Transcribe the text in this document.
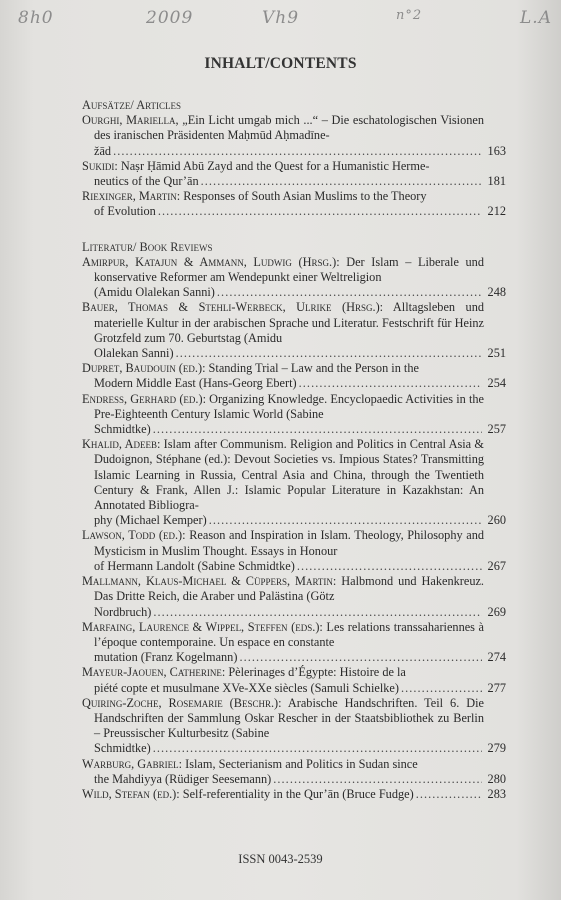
8h0	2009	Vh9	n°2	L.A
INHALT/CONTENTS
Aufsätze/ Articles
Ourghi, Mariella, „Ein Licht umgab mich ...“ – Die eschatologischen Visionen des iranischen Präsidenten Maḥmūd Aḥmadīne-
žād . . .	163
Sukidi: Naṣr Ḥāmid Abū Zayd and the Quest for a Humanistic Herme-
neutics of the Qur’ān . . .	181
Riexinger, Martin: Responses of South Asian Muslims to the Theory
of Evolution . . .	212
Literatur/ Book Reviews
Amirpur, Katajun & Ammann, Ludwig (Hrsg.): Der Islam – Liberale und konservative Reformer am Wendepunkt einer Weltreligion
(Amidu Olalekan Sanni) . . .	248
Bauer, Thomas & Stehli-Werbeck, Ulrike (Hrsg.): Alltagsleben und materielle Kultur in der arabischen Sprache und Literatur. Festschrift für Heinz Grotzfeld zum 70. Geburtstag (Amidu
Olalekan Sanni) . . .	251
Dupret, Baudouin (ed.): Standing Trial – Law and the Person in the
Modern Middle East (Hans-Georg Ebert) . . .	254
Endress, Gerhard (ed.): Organizing Knowledge. Encyclopaedic Activities in the Pre-Eighteenth Century Islamic World (Sabine
Schmidtke) . . .	257
Khalid, Adeeb: Islam after Communism. Religion and Politics in Central Asia & Dudoignon, Stéphane (ed.): Devout Societies vs. Impious States? Transmitting Islamic Learning in Russia, Central Asia and China, through the Twentieth Century & Frank, Allen J.: Islamic Popular Literature in Kazakhstan: An Annotated Bibliogra-
phy (Michael Kemper) . . .	260
Lawson, Todd (ed.): Reason and Inspiration in Islam. Theology, Philosophy and Mysticism in Muslim Thought. Essays in Honour
of Hermann Landolt (Sabine Schmidtke) . . .	267
Mallmann, Klaus-Michael & Cüppers, Martin: Halbmond und Hakenkreuz. Das Dritte Reich, die Araber und Palästina (Götz
Nordbruch) . . .	269
Marfaing, Laurence & Wippel, Steffen (eds.): Les relations transsahariennes à l’époque contemporaine. Un espace en constante
mutation (Franz Kogelmann) . . .	274
Mayeur-Jaouen, Catherine: Pèlerinages d’Égypte: Histoire de la
piété copte et musulmane XVe-XXe siècles (Samuli Schielke) . . .	277
Quiring-Zoche, Rosemarie (Beschr.): Arabische Handschriften. Teil 6. Die Handschriften der Sammlung Oskar Rescher in der Staatsbibliothek zu Berlin – Preussischer Kulturbesitz (Sabine
Schmidtke) . . .	279
Warburg, Gabriel: Islam, Secterianism and Politics in Sudan since
the Mahdiyya (Rüdiger Seesemann) . . .	280
Wild, Stefan (ed.): Self-referentiality in the Qur’ān (Bruce Fudge) . . .	283
ISSN 0043-2539
